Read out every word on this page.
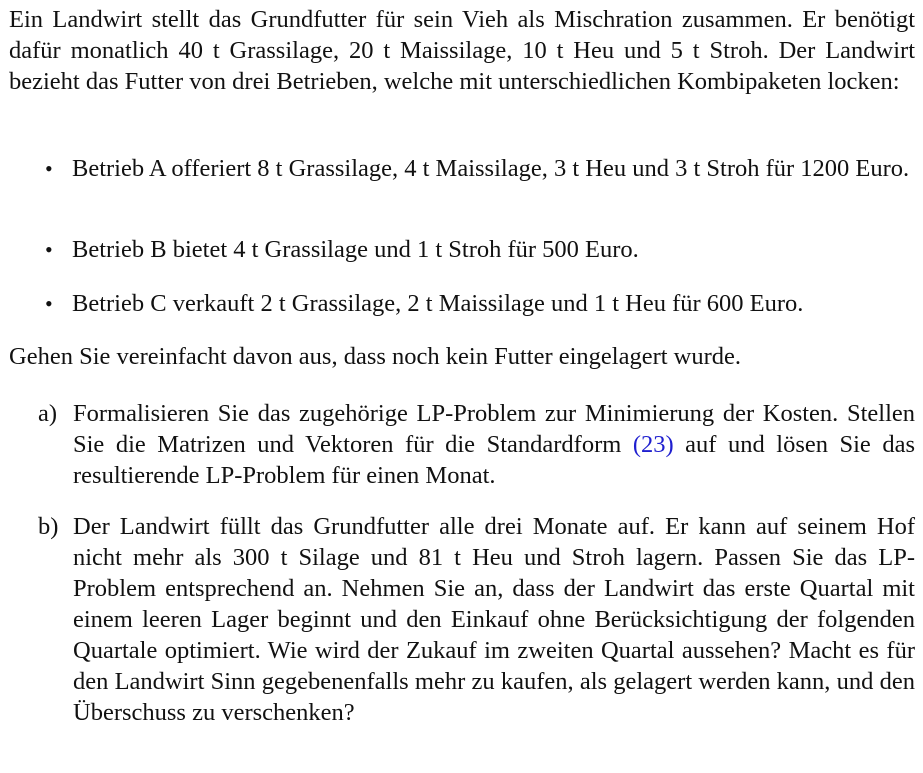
Ein Landwirt stellt das Grundfutter für sein Vieh als Mischration zusammen. Er benötigt dafür monatlich 40 t Grassilage, 20 t Maissilage, 10 t Heu und 5 t Stroh. Der Landwirt bezieht das Futter von drei Betrieben, welche mit unterschiedlichen Kombipaketen locken:

• Betrieb A offeriert 8 t Grassilage, 4 t Maissilage, 3 t Heu und 3 t Stroh für 1200 Euro.
• Betrieb B bietet 4 t Grassilage und 1 t Stroh für 500 Euro.
• Betrieb C verkauft 2 t Grassilage, 2 t Maissilage und 1 t Heu für 600 Euro.

Gehen Sie vereinfacht davon aus, dass noch kein Futter eingelagert wurde.

a) Formalisieren Sie das zugehörige LP-Problem zur Minimierung der Kosten. Stellen Sie die Matrizen und Vektoren für die Standardform (23) auf und lösen Sie das resultierende LP-Problem für einen Monat.
b) Der Landwirt füllt das Grundfutter alle drei Monate auf. Er kann auf seinem Hof nicht mehr als 300 t Silage und 81 t Heu und Stroh lagern. Passen Sie das LP-Problem entsprechend an. Nehmen Sie an, dass der Landwirt das erste Quartal mit einem leeren Lager beginnt und den Einkauf ohne Berücksichtigung der folgenden Quartale optimiert. Wie wird der Zukauf im zweiten Quartal aussehen? Macht es für den Landwirt Sinn gegebenenfalls mehr zu kaufen, als gelagert werden kann, und den Überschuss zu verschenken?
